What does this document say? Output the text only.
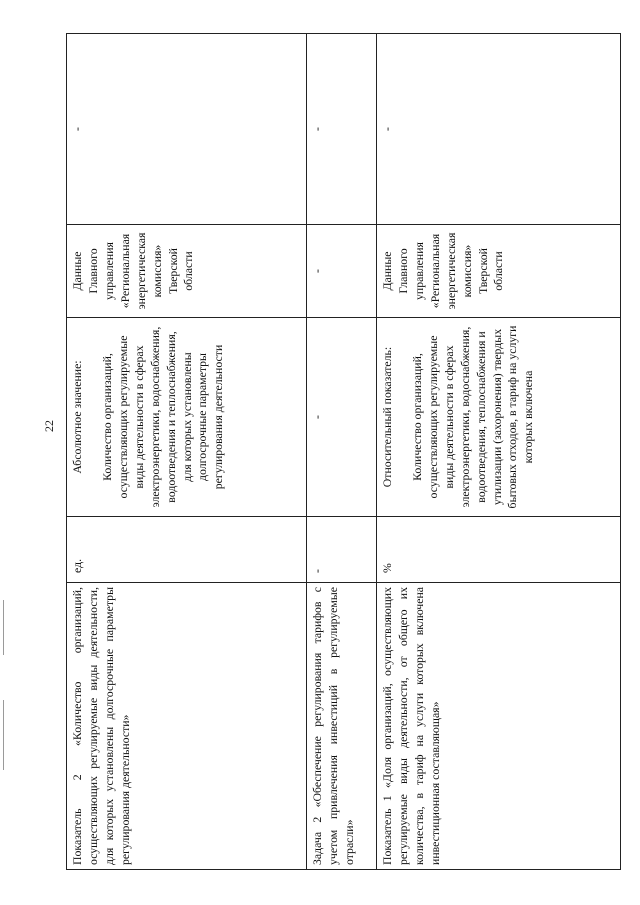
22
Показатель 2 «Количество организаций, осуществляющих регулируемые виды деятельности, для которых установлены долгосрочные параметры регулирования деятельности»	ед.	Абсолютное значение: Количество организаций, осуществляющих регулируемые виды деятельности в сферах электроэнергетики, водоснабжения, водоотведения и теплоснабжения, для которых установлены долгосрочные параметры регулирования деятельности	Данные Главного управления «Региональная энергетическая комиссия» Тверской области	-
Задача 2 «Обеспечение регулирования тарифов с учетом привлечения инвестиций в регулируемые отрасли»	-	-	-	-
Показатель 1 «Доля организаций, осуществляющих регулируемые виды деятельности, от общего их количества, в тариф на услуги которых включена инвестиционная составляющая»	%	Относительный показатель: Количество организаций, осуществляющих регулируемые виды деятельности в сферах электроэнергетики, водоснабжения, водоотведения, теплоснабжения и утилизации (захоронения) твердых бытовых отходов, в тариф на услуги которых включена	Данные Главного управления «Региональная энергетическая комиссия» Тверской области	-
